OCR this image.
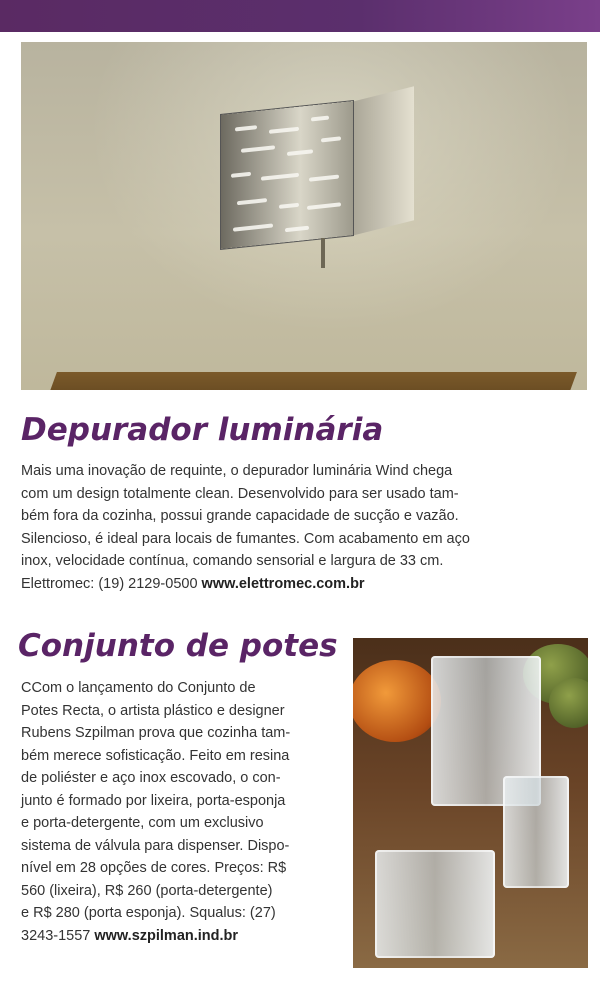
Depurador luminária
Mais uma inovação de requinte, o depurador luminária Wind chega
com um design totalmente clean. Desenvolvido para ser usado tam-
bém fora da cozinha, possui grande capacidade de sucção e vazão.
Silencioso, é ideal para locais de fumantes. Com acabamento em aço
inox, velocidade contínua, comando sensorial e largura de 33 cm.
Elettromec: (19) 2129-0500 www.elettromec.com.br
Conjunto de potes
CCom o lançamento do Conjunto de
Potes Recta, o artista plástico e designer
Rubens Szpilman prova que cozinha tam-
bém merece sofisticação. Feito em resina
de poliéster e aço inox escovado, o con-
junto é formado por lixeira, porta-esponja
e porta-detergente, com um exclusivo
sistema de válvula para dispenser. Dispo-
nível em 28 opções de cores. Preços: R$
560 (lixeira), R$ 260 (porta-detergente)
e R$ 280 (porta esponja). Squalus: (27)
3243-1557 www.szpilman.ind.br
